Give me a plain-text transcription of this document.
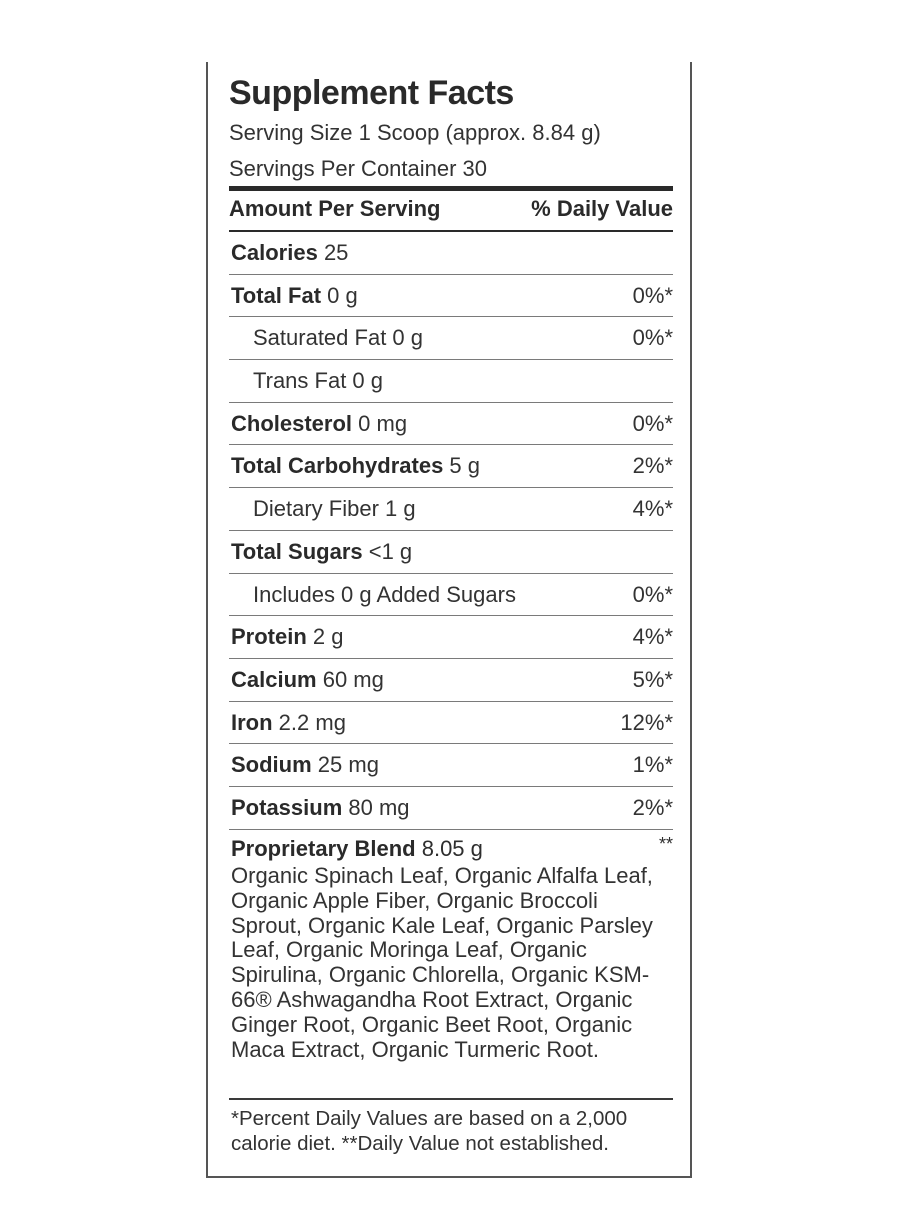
Supplement Facts
Serving Size 1 Scoop (approx. 8.84 g)
Servings Per Container 30
Amount Per Serving	% Daily Value
Calories 25
Total Fat 0 g	0%*
Saturated Fat 0 g	0%*
Trans Fat 0 g
Cholesterol 0 mg	0%*
Total Carbohydrates 5 g	2%*
Dietary Fiber 1 g	4%*
Total Sugars <1 g
Includes 0 g Added Sugars	0%*
Protein 2 g	4%*
Calcium 60 mg	5%*
Iron 2.2 mg	12%*
Sodium 25 mg	1%*
Potassium 80 mg	2%*
Proprietary Blend 8.05 g	**

Organic Spinach Leaf, Organic Alfalfa Leaf, Organic Apple Fiber, Organic Broccoli Sprout, Organic Kale Leaf, Organic Parsley Leaf, Organic Moringa Leaf, Organic Spirulina, Organic Chlorella, Organic KSM-66® Ashwagandha Root Extract, Organic Ginger Root, Organic Beet Root, Organic Maca Extract, Organic Turmeric Root.

*Percent Daily Values are based on a 2,000 calorie diet. **Daily Value not established.
